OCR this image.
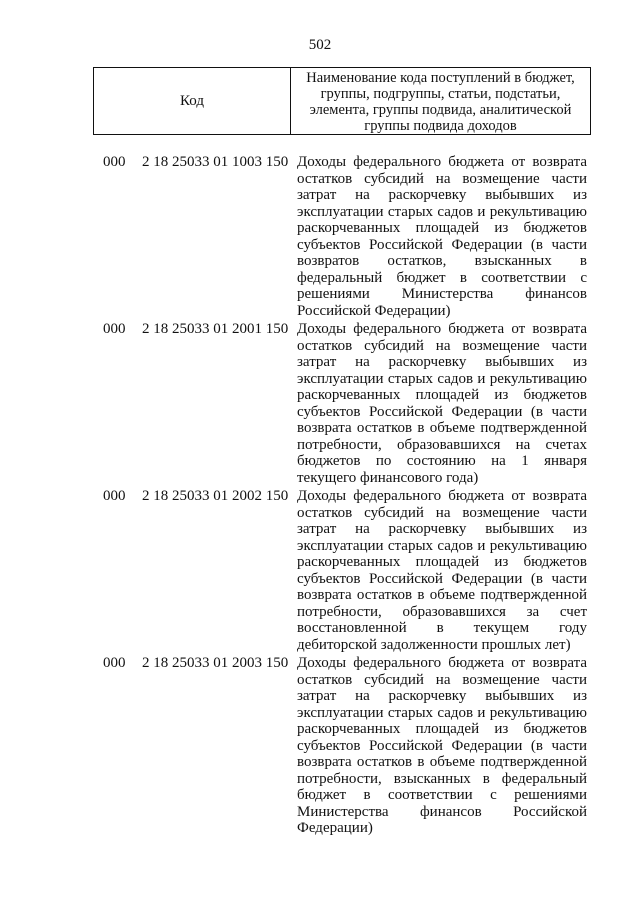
502
Код
Наименование кода поступлений в бюджет, группы, подгруппы, статьи, подстатьи, элемента, группы подвида, аналитической группы подвида доходов
000 2 18 25033 01 1003 150 Доходы федерального бюджета от возврата остатков субсидий на возмещение части затрат на раскорчевку выбывших из эксплуатации старых садов и рекультивацию раскорчеванных площадей из бюджетов субъектов Российской Федерации (в части возвратов остатков, взысканных в федеральный бюджет в соответствии с решениями Министерства финансов Российской Федерации)
000 2 18 25033 01 2001 150 Доходы федерального бюджета от возврата остатков субсидий на возмещение части затрат на раскорчевку выбывших из эксплуатации старых садов и рекультивацию раскорчеванных площадей из бюджетов субъектов Российской Федерации (в части возврата остатков в объеме подтвержденной потребности, образовавшихся на счетах бюджетов по состоянию на 1 января текущего финансового года)
000 2 18 25033 01 2002 150 Доходы федерального бюджета от возврата остатков субсидий на возмещение части затрат на раскорчевку выбывших из эксплуатации старых садов и рекультивацию раскорчеванных площадей из бюджетов субъектов Российской Федерации (в части возврата остатков в объеме подтвержденной потребности, образовавшихся за счет восстановленной в текущем году дебиторской задолженности прошлых лет)
000 2 18 25033 01 2003 150 Доходы федерального бюджета от возврата остатков субсидий на возмещение части затрат на раскорчевку выбывших из эксплуатации старых садов и рекультивацию раскорчеванных площадей из бюджетов субъектов Российской Федерации (в части возврата остатков в объеме подтвержденной потребности, взысканных в федеральный бюджет в соответствии с решениями Министерства финансов Российской Федерации)
